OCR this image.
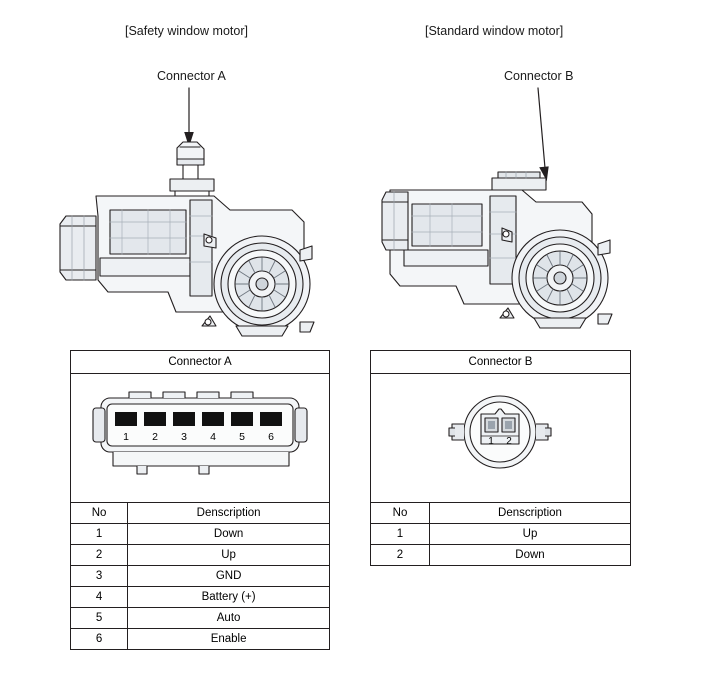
[Safety window motor]	[Standard window motor]
Connector A	Connector B
Connector A	

1 2 3 4 5 6

No	Denscription
1	Down
2	Up
3	GND
4	Battery (+)
5	Auto
6	Enable
Connector B	

1 2	

No	Denscription
1	Up
2	Down
